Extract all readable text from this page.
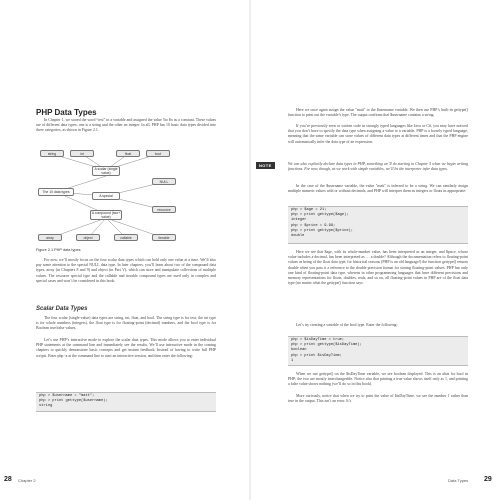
PHP Data Types

In Chapter 1, we stored the word “test” in a variable and assigned the value 5to $x as a constant. These values are of different data types; one is a string and the other an integer. In all, PHP has 10 basic data types divided into three categories, as shown in Figure 2.1.

string	int	float	bool
A scalar (single value)
NULL
The 10 data types
A special
resource
A compound (two+ value)
array	object	callable	iterable
Figure 2.1 PHP data types

For now, we’ll mostly focus on the four scalar data types which can hold only one value at a time. We’ll also pay some attention to the special NULL data type. In later chapters, you’ll learn about two of the compound data types, array (in Chapters 8 and 9) and object (in Part V), which can store and manipulate collections of multiple values. The resource special type and the callable and iterable compound types are used only in complex and special cases and won’t be considered in this book.

Scalar Data Types

The four scalar (single-value) data types are string, int, float, and bool. The string type is for text, the int type is for whole numbers (integers), the float type is for floating-point (decimal) numbers, and the bool type is for Boolean true/false values.

Let’s use PHP’s interactive mode to explore the scalar data types. This mode allows you to enter individual PHP statements at the command line and immediately see the results. We’ll use interactive mode in the coming chapters to quickly demonstrate basic concepts and get instant feedback. Instead of having to write full PHP scripts. Enter php -a at the command line to start an interactive session, and then enter the following:

php > $username = "matt";
php > print gettype($username);
string
28 Chapter 2

Here we once again assign the value "matt" to the $username variable. We then use PHP’s built-in gettype() function to print out the variable’s type. The output confirms that $username contains a string.

If you’re previously seen or written code in strongly typed languages like Java or C#, you may have noticed that you don’t have to specify the data type when assigning a value to a variable. PHP is a loosely typed language, meaning that the same variable can store values of different data types at different times and that the PHP engine will automatically infer the data type of an expression.

NOTE	We can also explicitly declare data types in PHP, something we’ll do starting in Chapter 5 when we begin writing functions. For now, though, as we work with simple variables, we’ll let the interpreter infer data types.

In the case of the $username variable, the value "matt" is inferred to be a string. We can similarly assign multiple numeric values with or without decimals, and PHP will interpret them as integers or floats as appropriate:

php > $age = 21;
php > print gettype($age);
integer
php > $price = 9.99;
php > print gettype($price);
double

Here we see that $age, with its whole-number value, has been interpreted as an integer, and $price, whose value includes a decimal, has been interpreted as … a double? Although the documentation refers to floating-point values as being of the float data type, for historical reasons (PHP is an old language!) the function gettype() returns double when you pass it a reference to the double precision format for storing floating-point values. PHP has only one kind of floating-point data type, whereas in other programming languages that have different precisions and memory representations for floats, doubles, reals, and so on, all floating-point values in PHP are of the float data type (no matter what the gettype() function says.

Let’s try creating a variable of the bool type. Enter the following:

php > $isDayTime = true;
php > print gettype($isDayTime);
boolean
php > print $isDayTime;
1

When we use gettype() on the $isDayTime variable, we see boolean displayed. This is an alias for bool in PHP; the two are mostly interchangeable. Notice also that printing a true value shows itself only as 1, and printing a false value shows nothing (we’ll do so in this book).

More curiously, notice that when we try to print the value of $isDayTime, we see the number 1 rather than true in the output. This isn’t an error. It’s

Data Types 29
